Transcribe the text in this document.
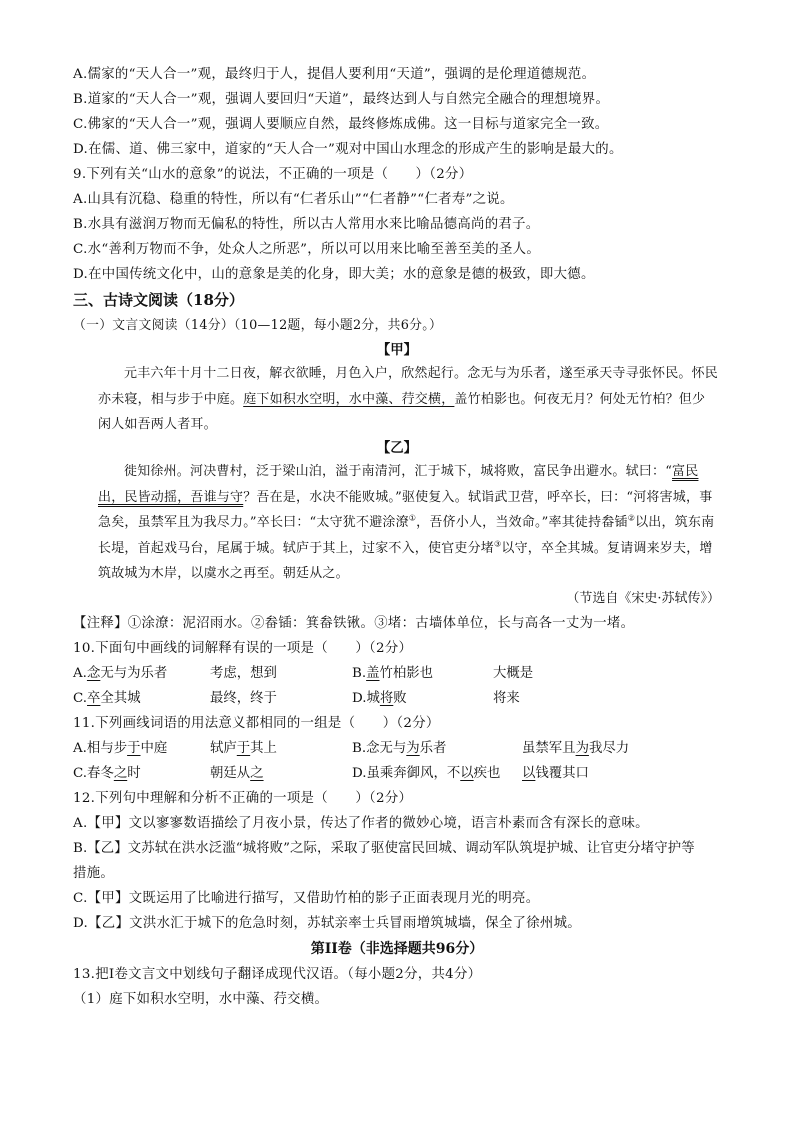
A.儒家的“天人合一”观，最终归于人，提倡人要利用“天道”，强调的是伦理道德规范。
B.道家的“天人合一”观，强调人要回归“天道”，最终达到人与自然完全融合的理想境界。
C.佛家的“天人合一”观，强调人要顺应自然，最终修炼成佛。这一目标与道家完全一致。
D.在儒、道、佛三家中，道家的“天人合一”观对中国山水理念的形成产生的影响是最大的。
9.下列有关“山水的意象”的说法，不正确的一项是（　　）（2分）
A.山具有沉稳、稳重的特性，所以有“仁者乐山”“仁者静”“仁者寿”之说。
B.水具有滋润万物而无偏私的特性，所以古人常用水来比喻品德高尚的君子。
C.水“善利万物而不争，处众人之所恶”，所以可以用来比喻至善至美的圣人。
D.在中国传统文化中，山的意象是美的化身，即大美；水的意象是德的极致，即大德。
三、古诗文阅读（18分）
（一）文言文阅读（14分）（10—12题，每小题2分，共6分。）
【甲】
元丰六年十月十二日夜，解衣欲睡，月色入户，欣然起行。念无与为乐者，遂至承天寺寻张怀民。怀民亦未寝，相与步于中庭。庭下如积水空明，水中藻、荇交横，盖竹柏影也。何夜无月？何处无竹柏？但少闲人如吾两人者耳。
【乙】
徙知徐州。河决曹村，泛于梁山泊，溢于南清河，汇于城下，城将败，富民争出避水。轼曰：“富民出，民皆动摇，吾谁与守？吾在是，水决不能败城。”驱使复入。轼诣武卫营，呼卒长，曰：“河将害城，事急矣，虽禁军且为我尽力。”卒长曰：“太守犹不避涂潦①，吾侪小人，当效命。”率其徒持畚锸②以出，筑东南长堤，首起戏马台，尾属于城。轼庐于其上，过家不入，使官吏分堵③以守，卒全其城。复请调来岁夫，增筑故城为木岸，以虞水之再至。朝廷从之。
（节选自《宋史·苏轼传》）
【注释】①涂潦：泥沼雨水。②畚锸：箕畚铁锹。③堵：古墙体单位，长与高各一丈为一堵。
10.下面句中画线的词解释有误的一项是（　　）（2分）
A.念无与为乐者	考虑，想到	B.盖竹柏影也	大概是
C.卒全其城	最终，终于	D.城将败	将来
11.下列画线词语的用法意义都相同的一组是（　　）（2分）
A.相与步于中庭	轼庐于其上	B.念无与为乐者	虽禁军且为我尽力
C.春冬之时	朝廷从之	D.虽乘奔御风，不以疾也 以钱覆其口
12.下列句中理解和分析不正确的一项是（　　）（2分）
A.【甲】文以寥寥数语描绘了月夜小景，传达了作者的微妙心境，语言朴素而含有深长的意味。
B.【乙】文苏轼在洪水泛滥“城将败”之际，采取了驱使富民回城、调动军队筑堤护城、让官吏分堵守护等
措施。
C.【甲】文既运用了比喻进行描写，又借助竹柏的影子正面表现月光的明亮。
D.【乙】文洪水汇于城下的危急时刻，苏轼亲率士兵冒雨增筑城墙，保全了徐州城。
第II卷（非选择题共96分）
13.把Ⅰ卷文言文中划线句子翻译成现代汉语。（每小题2分，共4分）
（1）庭下如积水空明，水中藻、荇交横。
